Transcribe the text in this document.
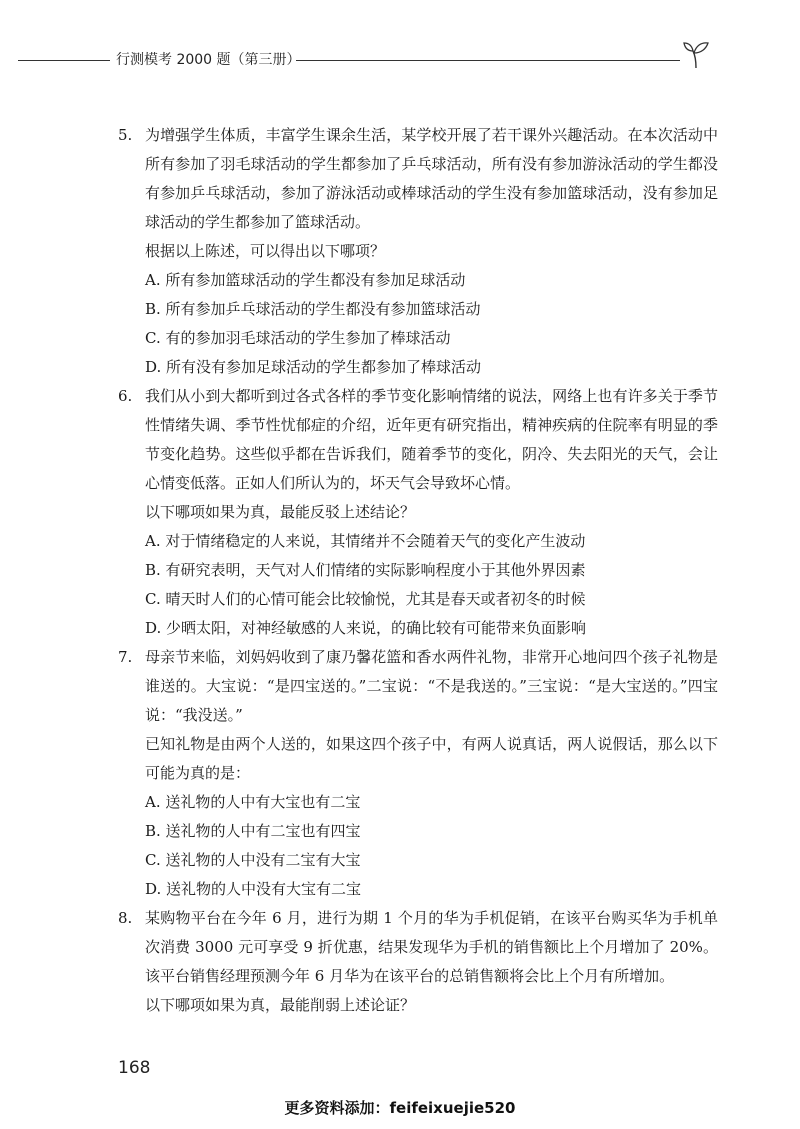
行测模考 2000 题（第三册）
5. 为增强学生体质，丰富学生课余生活，某学校开展了若干课外兴趣活动。在本次活动中所有参加了羽毛球活动的学生都参加了乒乓球活动，所有没有参加游泳活动的学生都没有参加乒乓球活动，参加了游泳活动或棒球活动的学生没有参加篮球活动，没有参加足球活动的学生都参加了篮球活动。

根据以上陈述，可以得出以下哪项？

A. 所有参加篮球活动的学生都没有参加足球活动

B. 所有参加乒乓球活动的学生都没有参加篮球活动

C. 有的参加羽毛球活动的学生参加了棒球活动

D. 所有没有参加足球活动的学生都参加了棒球活动

6. 我们从小到大都听到过各式各样的季节变化影响情绪的说法，网络上也有许多关于季节性情绪失调、季节性忧郁症的介绍，近年更有研究指出，精神疾病的住院率有明显的季节变化趋势。这些似乎都在告诉我们，随着季节的变化，阴冷、失去阳光的天气，会让心情变低落。正如人们所认为的，坏天气会导致坏心情。

以下哪项如果为真，最能反驳上述结论？

A. 对于情绪稳定的人来说，其情绪并不会随着天气的变化产生波动

B. 有研究表明，天气对人们情绪的实际影响程度小于其他外界因素

C. 晴天时人们的心情可能会比较愉悦，尤其是春天或者初冬的时候

D. 少晒太阳，对神经敏感的人来说，的确比较有可能带来负面影响

7. 母亲节来临，刘妈妈收到了康乃馨花篮和香水两件礼物，非常开心地问四个孩子礼物是谁送的。大宝说：“是四宝送的。”二宝说：“不是我送的。”三宝说：“是大宝送的。”四宝说：“我没送。”

已知礼物是由两个人送的，如果这四个孩子中，有两人说真话，两人说假话，那么以下可能为真的是：

A. 送礼物的人中有大宝也有二宝

B. 送礼物的人中有二宝也有四宝

C. 送礼物的人中没有二宝有大宝

D. 送礼物的人中没有大宝有二宝

8. 某购物平台在今年 6 月，进行为期 1 个月的华为手机促销，在该平台购买华为手机单次消费 3000 元可享受 9 折优惠，结果发现华为手机的销售额比上个月增加了 20%。该平台销售经理预测今年 6 月华为在该平台的总销售额将会比上个月有所增加。

以下哪项如果为真，最能削弱上述论证？

168
更多资料添加：feifeixuejie520
